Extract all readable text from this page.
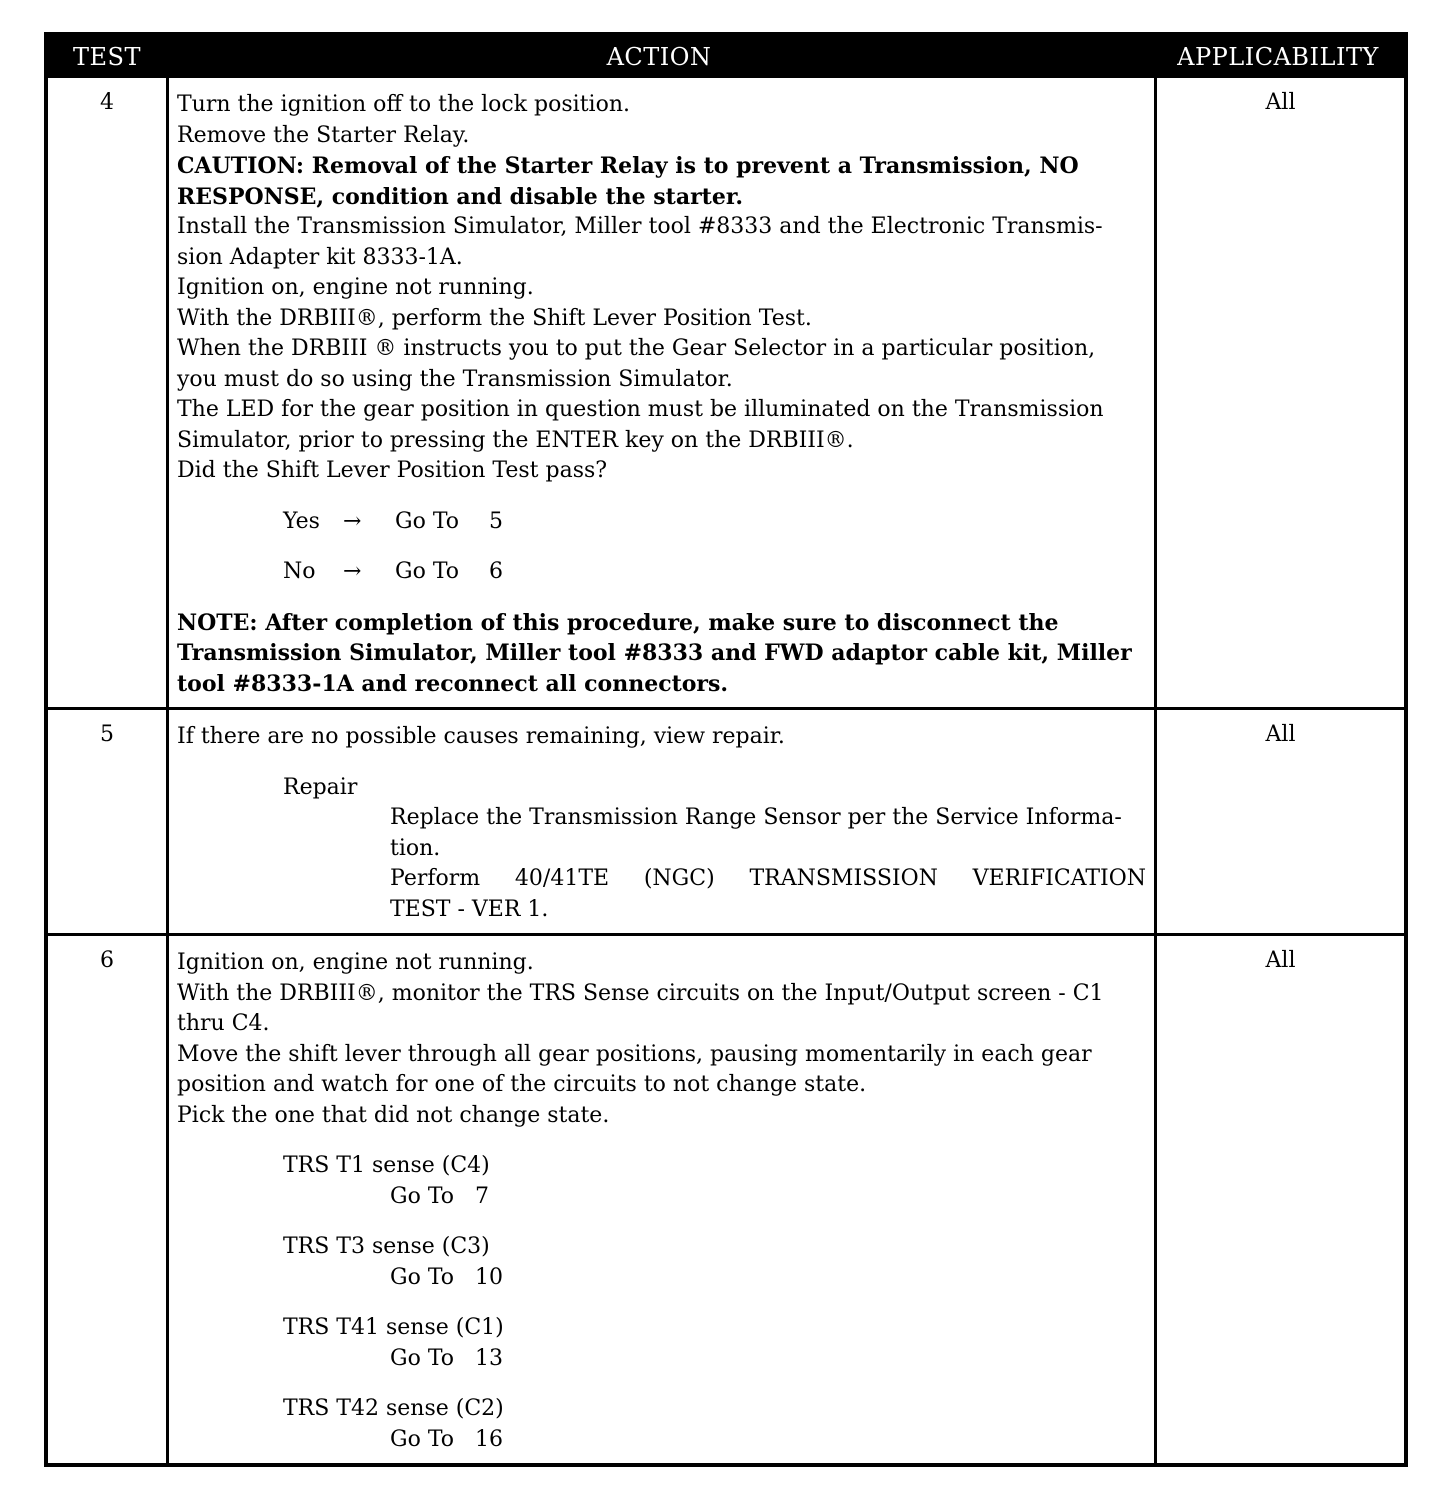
TEST	ACTION	APPLICABILITY
4	Turn the ignition off to the lock position.
Remove the Starter Relay.
CAUTION: Removal of the Starter Relay is to prevent a Transmission, NO
RESPONSE, condition and disable the starter.
Install the Transmission Simulator, Miller tool #8333 and the Electronic Transmis-
sion Adapter kit 8333-1A.
Ignition on, engine not running.
With the DRBIII®, perform the Shift Lever Position Test.
When the DRBIII ® instructs you to put the Gear Selector in a particular position,
you must do so using the Transmission Simulator.
The LED for the gear position in question must be illuminated on the Transmission
Simulator, prior to pressing the ENTER key on the DRBIII®.
Did the Shift Lever Position Test pass?
Yes	→	Go To	5
No	→	Go To	6
NOTE: After completion of this procedure, make sure to disconnect the
Transmission Simulator, Miller tool #8333 and FWD adaptor cable kit, Miller
tool #8333-1A and reconnect all connectors.
All
5	If there are no possible causes remaining, view repair.
Repair
Replace the Transmission Range Sensor per the Service Informa-
tion.
Perform 40/41TE (NGC) TRANSMISSION VERIFICATION
TEST - VER 1.
All
6	Ignition on, engine not running.
With the DRBIII®, monitor the TRS Sense circuits on the Input/Output screen - C1
thru C4.
Move the shift lever through all gear positions, pausing momentarily in each gear
position and watch for one of the circuits to not change state.
Pick the one that did not change state.
TRS T1 sense (C4)
Go To 7
TRS T3 sense (C3)
Go To 10
TRS T41 sense (C1)
Go To 13
TRS T42 sense (C2)
Go To 16
All
